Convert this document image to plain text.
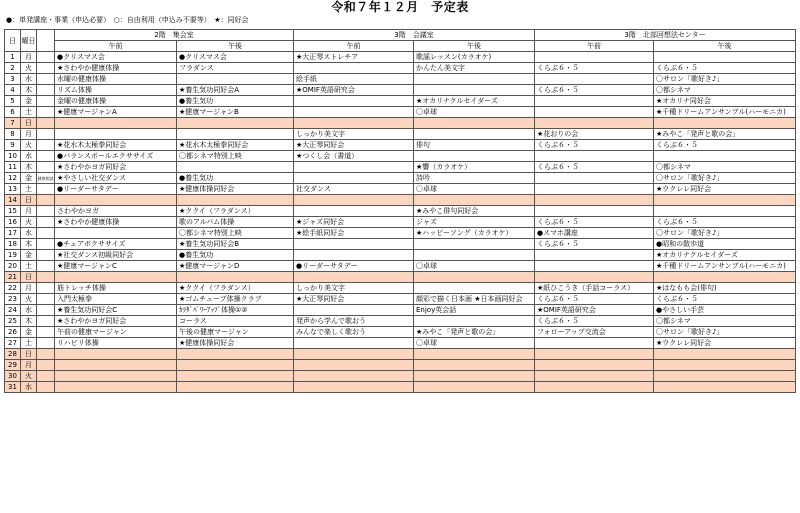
令和７年１２月　予定表
●：単発講座・事業（申込必要）　○：自由利用（申込み不要等）　★：同好会
日	曜日		2階　集会室		3階　会議室		3階　北部回想法センター	
			午前	午後	午前	午後	午前	午後
1	月		●クリスマス会	●クリスマス会	★大正琴ストレチア	歌謡レッスン(カラオケ)		
2	火		★さわやか健康体操	フラダンス		かんたん美文字	くらぶ６・５	くらぶ６・５
3	水		水曜の健康体操		絵手紙			〇サロン「歌好き♪」
4	木		リズム体操	★養生気功同好会A	★OMIF英語研究会		くらぶ６・５	〇都シネマ
5	金		金曜の健康体操	●養生気功		★オカリナクルセイダーズ		★オカリナ同好会
6	土		★健康マージャンA	★健康マージャンB		〇卓球		★千種ドリームアンサンブル(ハーモニカ)
7	日							
8	月				しっかり美文字		★花おりの会	★みやこ「発声と歌の会」
9	火		★花水木太極拳同好会	★花水木太極拳同好会	★大正琴同好会	俳句	くらぶ６・５	くらぶ６・５
10	水		●バランスボールエクササイズ	〇都シネマ特別上映	★つくし会（書道）			
11	木		★さわやかヨガ同好会			★響（カラオケ）	くらぶ６・５	〇都シネマ
12	金	健康相談	★やさしい社交ダンス	●養生気功		詩吟		〇サロン「歌好き♪」
13	土		●リーダーサタデー	★健康体操同好会	社交ダンス	〇卓球		★ウクレレ同好会
14	日							
15	月		さわやかヨガ	★ククイ（フラダンス）		★みやこ俳句同好会		
16	火		★さわやか健康体操	歌のアルバム体操	★ジャズ同好会	ジャズ	くらぶ６・５	くらぶ６・５
17	水			〇都シネマ特別上映	★絵手紙同好会	★ハッピーソング（カラオケ）	●スマホ講座	〇サロン「歌好き♪」
18	木		●チェアボクササイズ	★養生気功同好会B			くらぶ６・５	●昭和の散歩道
19	金		★社交ダンス初級同好会	●養生気功				★オカリナクルセイダーズ
20	土		★健康マージャンC	★健康マージャンD	●リーダーサタデー	〇卓球		★千種ドリームアンサンブル(ハーモニカ)
21	日							
22	月		筋トレッチ体操	★ククイ（フラダンス）	しっかり美文字		★紙ひこうき（手話コーラス）	★はなもも会(俳句)
23	火		入門太極拳	★ゴムチューブ体操クラブ	★大正琴同好会	顔彩で描く日本画 ★日本画同好会	くらぶ６・５	くらぶ６・５
24	水		★養生気功同好会C	ｶﾗﾀﾞﾊﾟﾜｰｱｯﾌﾟ体操①②		Enjoy英会話	★OMIF英語研究会	●やさしい手芸
25	木		★さわやかヨガ同好会	コーラス	発声から学んで歌おう		くらぶ６・５	〇都シネマ
26	金		午前の健康マージャン	午後の健康マージャン	みんなで楽しく歌おう	★みやこ「発声と歌の会」	フォローアップ交流会	〇サロン「歌好き♪」
27	土		リハビリ体操	★健康体操同好会		〇卓球		★ウクレレ同好会
28	日							
29	月							
30	火							
31	水							
